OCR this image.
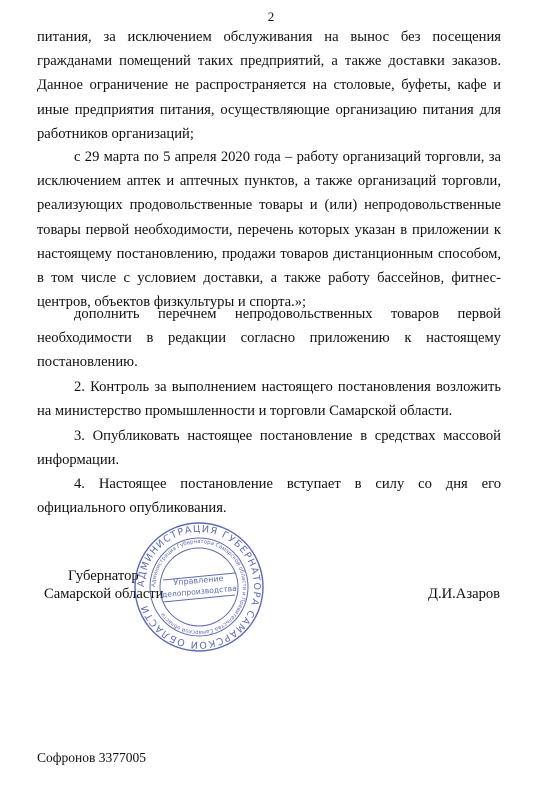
2

питания, за исключением обслуживания на вынос без посещения гражданами помещений таких предприятий, а также доставки заказов. Данное ограничение не распространяется на столовые, буфеты, кафе и иные предприятия питания, осуществляющие организацию питания для работников организаций;

с 29 марта по 5 апреля 2020 года – работу организаций торговли, за исключением аптек и аптечных пунктов, а также организаций торговли, реализующих продовольственные товары и (или) непродовольственные товары первой необходимости, перечень которых указан в приложении к настоящему постановлению, продажи товаров дистанционным способом, в том числе с условием доставки, а также работу бассейнов, фитнес-центров, объектов физкультуры и спорта.»;

дополнить перечнем непродовольственных товаров первой необходимости в редакции согласно приложению к настоящему постановлению.

2. Контроль за выполнением настоящего постановления возложить на министерство промышленности и торговли Самарской области.

3. Опубликовать настоящее постановление в средствах массовой информации.

4. Настоящее постановление вступает в силу со дня его официального опубликования.

Губернатор
Самарской области	Д.И.Азаров
АДМИНИСТРАЦИЯ ГУБЕРНАТОРА САМАРСКОЙ ОБЛАСТИ
Администрация Губернатора Самарской области и Правительства Самарской области
Управление
делопроизводства
Софронов 3377005
